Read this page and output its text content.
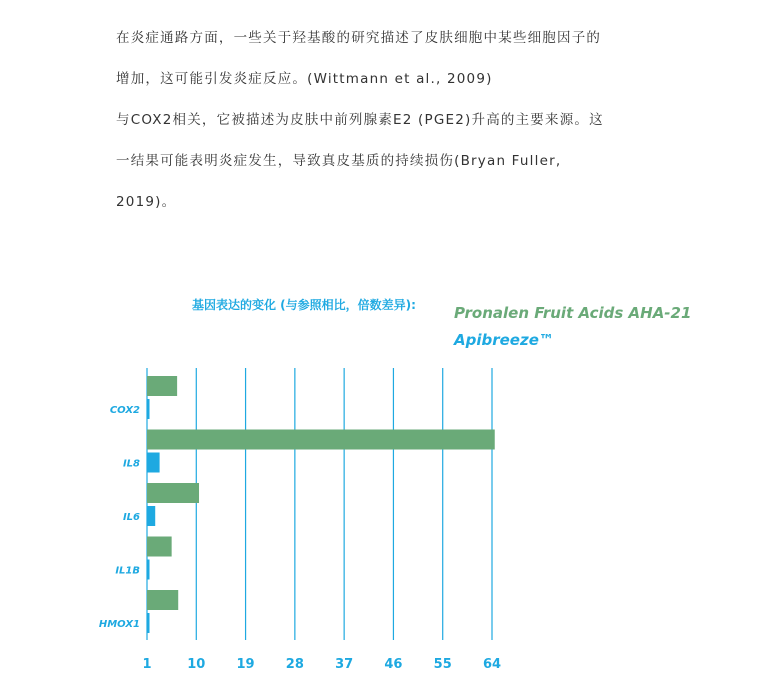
在炎症通路方面，一些关于羟基酸的研究描述了皮肤细胞中某些细胞因子的

增加，这可能引发炎症反应。(Wittmann et al., 2009)

与COX2相关，它被描述为皮肤中前列腺素E2 (PGE2)升高的主要来源。这

一结果可能表明炎症发生，导致真皮基质的持续损伤(Bryan Fuller,

2019)。

基因表达的变化 (与参照相比，倍数差异):	Pronalen Fruit Acids AHA-21
Apibreeze™
1	10 19 28 37 46 55 64
COX2
IL8
IL6
IL1B
HMOX1
